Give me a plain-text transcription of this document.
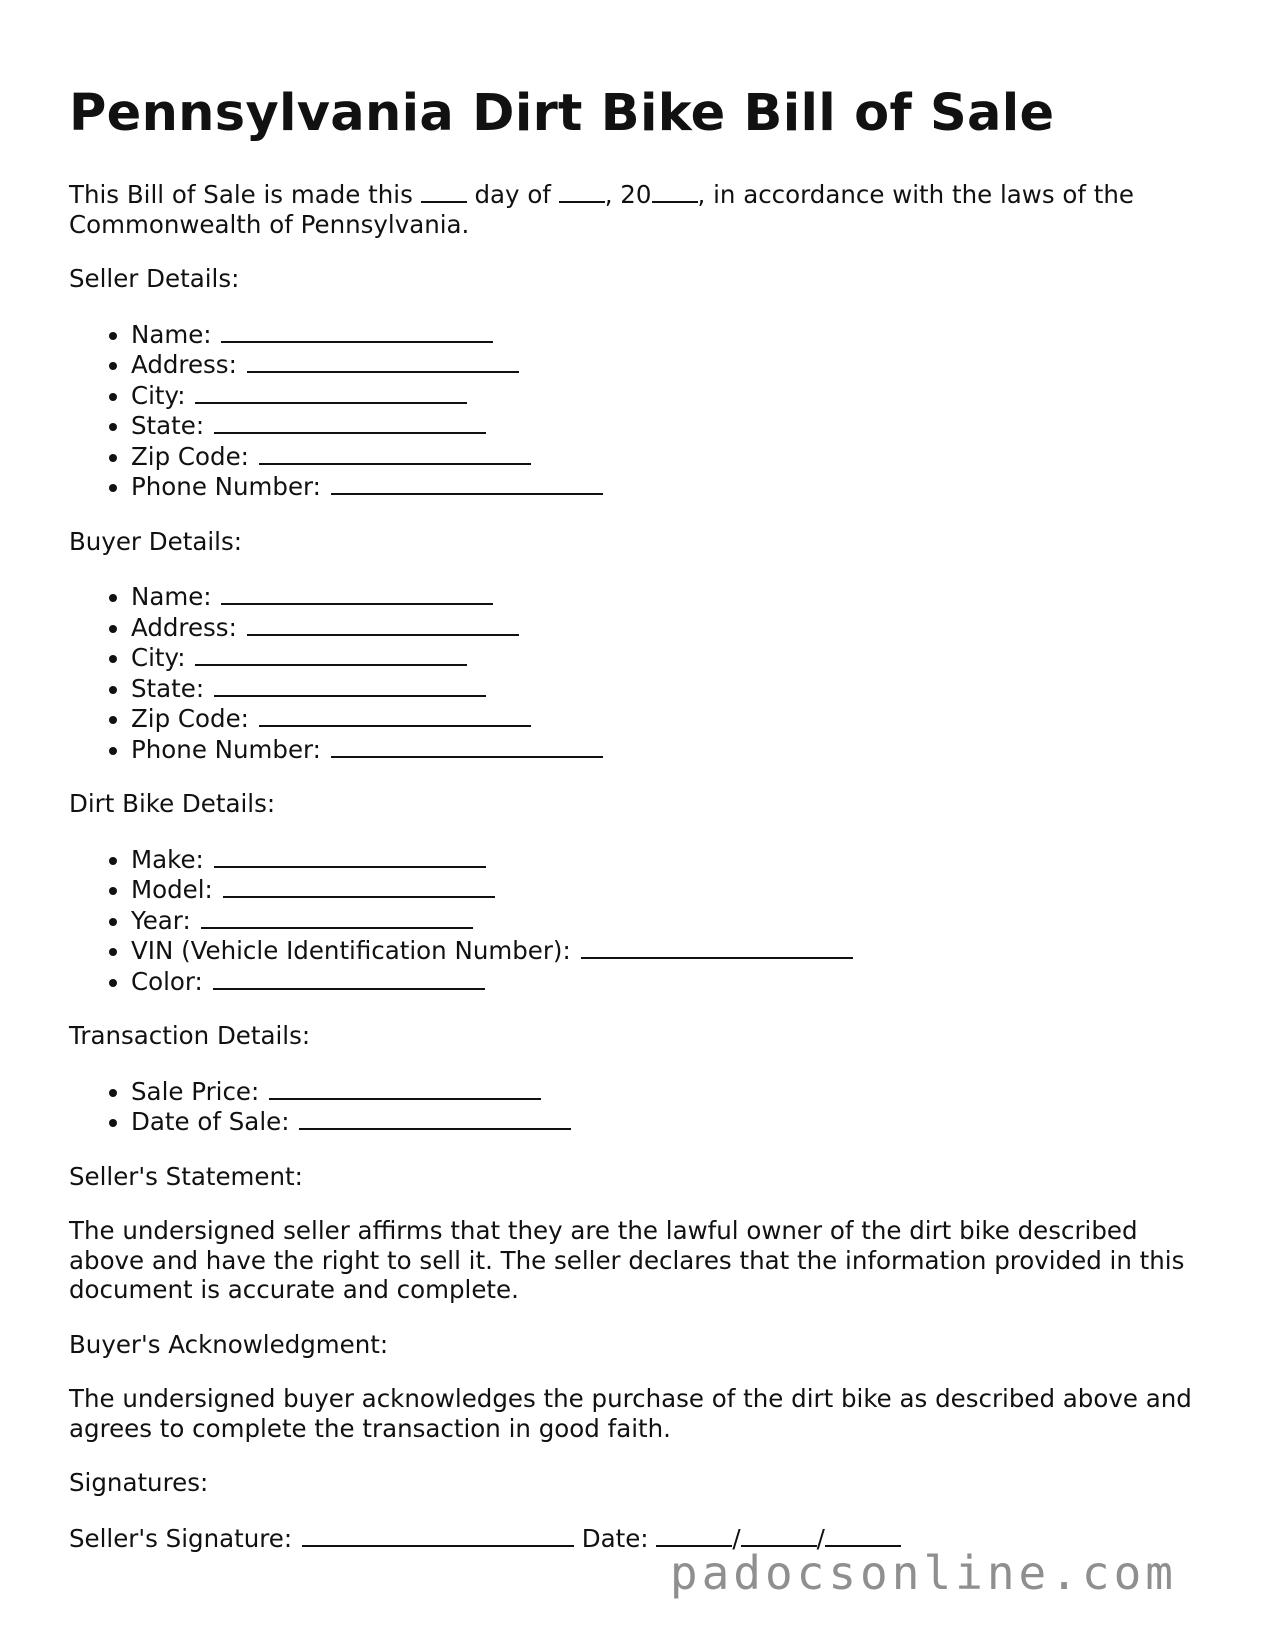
Pennsylvania Dirt Bike Bill of Sale

This Bill of Sale is made this	day of , 20 , in accordance with the laws of the Commonwealth of Pennsylvania.

Seller Details:
• Name:
• Address:
• City:
• State:
• Zip Code:
• Phone Number:
Buyer Details:
• Name:
• Address:
• City:
• State:
• Zip Code:
• Phone Number:
Dirt Bike Details:
• Make:
• Model:
• Year:
• VIN (Vehicle Identification Number):
• Color:
Transaction Details:
• Sale Price:
• Date of Sale:
Seller's Statement:

The undersigned seller affirms that they are the lawful owner of the dirt bike described above and have the right to sell it. The seller declares that the information provided in this document is accurate and complete.

Buyer's Acknowledgment:

The undersigned buyer acknowledges the purchase of the dirt bike as described above and agrees to complete the transaction in good faith.

Signatures:
Seller's Signature:	Date:	/	/
padocsonline.com
